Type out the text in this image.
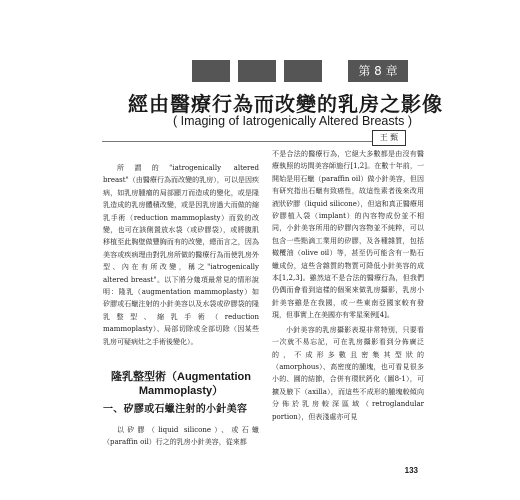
第 8 章
經由醫療行為而改變的乳房之影像
( Imaging of Iatrogenically Altered Breasts )
王 甄

所謂的"iatrogenically altered breast"（由醫療行為而改變的乳房），可以是因疾病，如乳房腫瘤的局部顯刀而造成的變化，或是隆乳造成的乳房體積改變，或是因乳房過大而做的縮乳手術（reduction mammoplasty）而致的改變，也可在該側置放水袋（或矽膠袋），或將腹肌移植至此胸壁做豐胸而有的改變，總而言之，因為美容或疾病理由對乳房所做的醫療行為而使乳房外型、內在有所改變，稱之"iatrogenically altered breast"。以下將分幾項最常見的情形說明：隆乳（augmentation mammoplasty）如矽膠或石蠟注射的小針美容以及水袋或矽膠袋的隆乳整型、縮乳手術（reduction mammoplasty）、局部切除或全部切除（因某些乳房可疑病灶之手術後變化）。

隆乳整型術（Augmentation Mammoplasty）
一、矽膠或石蠟注射的小針美容

以矽膠（liquid silicone）、或石蠟（paraffin oil）行之的乳房小針美容，從來都

不是合法的醫療行為，它絕大多數都是由沒有醫療執照的坊間美容師施行[1,2]。在數十年前，一開始是用石蠟（paraffin oil）做小針美容，但因有研究指出石蠟有致癌性，故這性素者後來改用液狀矽膠（liquid silicone），但這和真正醫療用矽膠植入袋（implant）的內容物成份並不相同，小針美容所用的矽膠內容物並不純粹，可以包含一些點滴工業用的矽膠，及各種雜質，包括橄欖油（olive oil）等，甚至仍可能含有一點石蠟成份，這些含雜質的物質可降低小針美容的成本[1,2,3]。雖然這不是合法的醫療行為，但我們仍偶而會看到這樣的個案來做乳房攝影，乳房小針美容雖是在我國，或一些東南亞國家較有發現，但事實上在美國亦有零星案例[4]。

小針美容的乳房攝影表現非常特別，只要看一次就不易忘記，可在乳房攝影看到分佈廣泛的，不成形多數且密集其型狀的（amorphous）、高密度的腫塊，也可看見很多小的、圓的結節，合併有環狀鈣化（圖8-1），可擴及腋下（axilla），而這些不成形的腫塊較傾向分佈於乳房較深區域（retroglandular portion），但表淺處亦可見

133
